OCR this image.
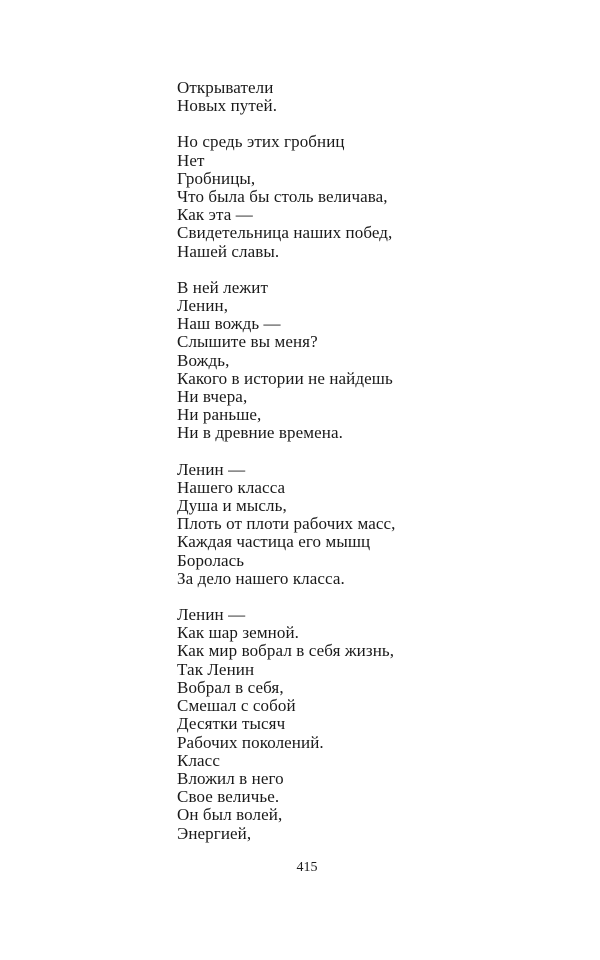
Открыватели
Новых путей.
Но средь этих гробниц
Нет
Гробницы,
Что была бы столь величава,
Как эта —
Свидетельница наших побед,
Нашей славы.
В ней лежит
Ленин,
Наш вождь —
Слышите вы меня?
Вождь,
Какого в истории не найдешь
Ни вчера,
Ни раньше,
Ни в древние времена.
Ленин —
Нашего класса
Душа и мысль,
Плоть от плоти рабочих масс,
Каждая частица его мышц
Боролась
За дело нашего класса.
Ленин —
Как шар земной.
Как мир вобрал в себя жизнь,
Так Ленин
Вобрал в себя,
Смешал с собой
Десятки тысяч
Рабочих поколений.
Класс
Вложил в него
Свое величье.
Он был волей,
Энергией,
415
